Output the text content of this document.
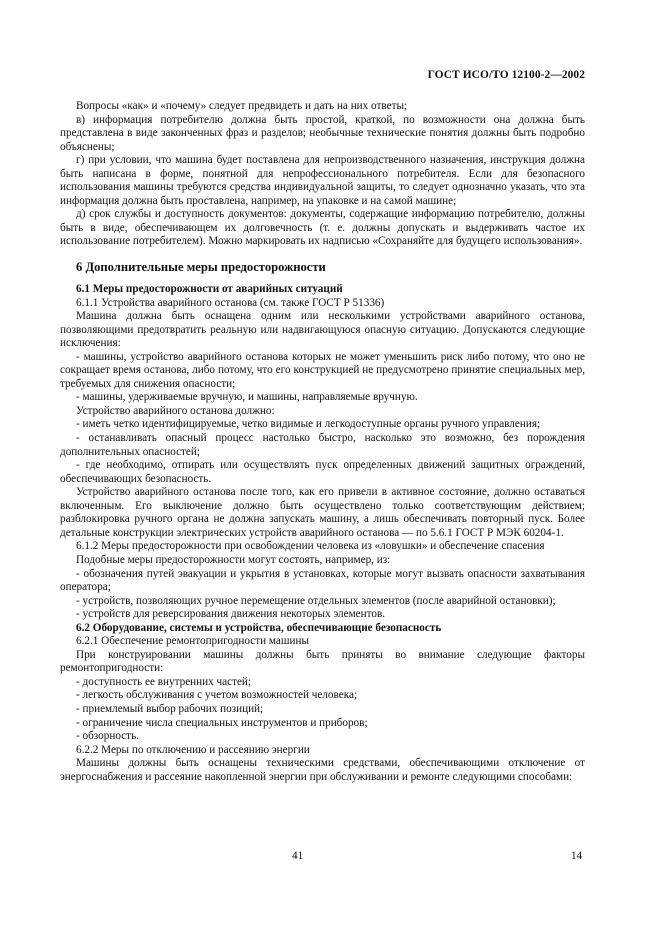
ГОСТ ИСО/ТО 12100-2—2002

Вопросы «как» и «почему» следует предвидеть и дать на них ответы;

в) информация потребителю должна быть простой, краткой, по возможности она должна быть представлена в виде законченных фраз и разделов; необычные технические понятия должны быть подробно объяснены;

г) при условии, что машина будет поставлена для непроизводственного назначения, инструкция должна быть написана в форме, понятной для непрофессионального потребителя. Если для безопасного использования машины требуются средства индивидуальной защиты, то следует однозначно указать, что эта информация должна быть проставлена, например, на упаковке и на самой машине;

д) срок службы и доступность документов: документы, содержащие информацию потребителю, должны быть в виде, обеспечивающем их долговечность (т. е. должны допускать и выдерживать частое их использование потребителем). Можно маркировать их надписью «Сохраняйте для будущего использования».

6 Дополнительные меры предосторожности

6.1 Меры предосторожности от аварийных ситуаций

6.1.1 Устройства аварийного останова (см. также ГОСТ Р 51336)

Машина должна быть оснащена одним или несколькими устройствами аварийного останова, позволяющими предотвратить реальную или надвигающуюся опасную ситуацию. Допускаются следующие исключения:

- машины, устройство аварийного останова которых не может уменьшить риск либо потому, что оно не сокращает время останова, либо потому, что его конструкцией не предусмотрено принятие специальных мер, требуемых для снижения опасности;

- машины, удерживаемые вручную, и машины, направляемые вручную.

Устройство аварийного останова должно:

- иметь четко идентифицируемые, четко видимые и легкодоступные органы ручного управления;

- останавливать опасный процесс настолько быстро, насколько это возможно, без порождения дополнительных опасностей;

- где необходимо, отпирать или осуществлять пуск определенных движений защитных ограждений, обеспечивающих безопасность.

Устройство аварийного останова после того, как его привели в активное состояние, должно оставаться включенным. Его выключение должно быть осуществлено только соответствующим действием; разблокировка ручного органа не должна запускать машину, а лишь обеспечивать повторный пуск. Более детальные конструкции электрических устройств аварийного останова — по 5.6.1 ГОСТ Р МЭК 60204-1.

6.1.2 Меры предосторожности при освобождении человека из «ловушки» и обеспечение спасения

Подобные меры предосторожности могут состоять, например, из:

- обозначения путей эвакуации и укрытия в установках, которые могут вызвать опасности захватывания оператора;

- устройств, позволяющих ручное перемещение отдельных элементов (после аварийной остановки);

- устройств для реверсирования движения некоторых элементов.

6.2 Оборудование, системы и устройства, обеспечивающие безопасность

6.2.1 Обеспечение ремонтопригодности машины

При конструировании машины должны быть приняты во внимание следующие факторы ремонтопригодности:

- доступность ее внутренних частей;

- легкость обслуживания с учетом возможностей человека;

- приемлемый выбор рабочих позиций;

- ограничение числа специальных инструментов и приборов;

- обзорность.

6.2.2 Меры по отключению и рассеянию энергии

Машины должны быть оснащены техническими средствами, обеспечивающими отключение от энергоснабжения и рассеяние накопленной энергии при обслуживании и ремонте следующими способами:

41	14
